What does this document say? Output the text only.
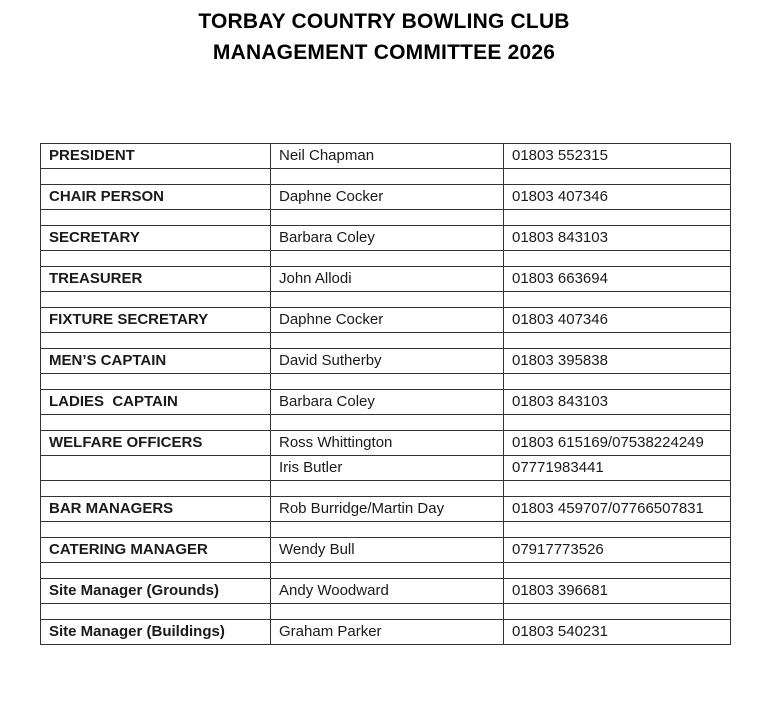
TORBAY COUNTRY BOWLING CLUB
MANAGEMENT COMMITTEE 2026
PRESIDENT	Neil Chapman	01803 552315

CHAIR PERSON	Daphne Cocker	01803 407346

SECRETARY	Barbara Coley	01803 843103

TREASURER	John Allodi	01803 663694

FIXTURE SECRETARY	Daphne Cocker	01803 407346

MEN’S CAPTAIN	David Sutherby	01803 395838

LADIES  CAPTAIN	Barbara Coley	01803 843103

WELFARE OFFICERS	Ross Whittington	01803 615169/07538224249
	Iris Butler	07771983441

BAR MANAGERS	Rob Burridge/Martin Day	01803 459707/07766507831

CATERING MANAGER	Wendy Bull	07917773526

Site Manager (Grounds)	Andy Woodward	01803 396681

Site Manager (Buildings)	Graham Parker	01803 540231
